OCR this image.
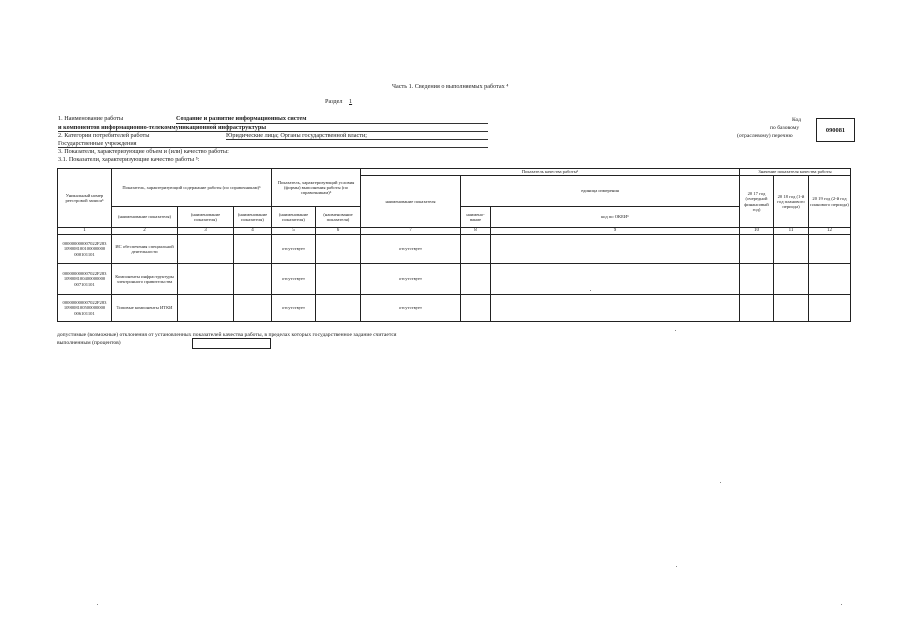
Часть 1. Сведения о выполняемых работах ⁴
Раздел 1
1. Наименование работы	Создание и развитие информационных систем
и компонентов информационно-телекоммуникационной инфраструктуры
2. Категории потребителей работы	Юридические лица; Органы государственной власти;
Государственные учреждения
3. Показатели, характеризующие объем и (или) качество работы:
3.1. Показатели, характеризующие качество работы ⁵:
Код
по базовому
(отраслевому) перечню
090081
Уникальный номер реестровой записи⁶	Показатель, характеризующий содержание работы (по справочникам)⁶			Показатель, характеризующий условия (формы) выполнения работы (по справочникам)⁶		Показатель качества работы⁶			Значение показателя качества работы		
						наименование показателя	единица измерения		20 17 год (очередной финансовый год)	20 18 год (1-й год планового периода)	20 19 год (2-й год планового периода)
	(наименование показателя)	(наименование показателя)	(наименование показателя)	(наименование показателя)	(наименование показателя)		наимено-вание	код по ОКЕИ⁶			
1	2	3	4	5	6	7	8	9	10	11	12
000000000007022F283 109008100100000000 000101101	ИС обеспечения специальной деятельности			отсутствует		отсутствует					
000000000007022F283 109008100400000000 007101101	Компоненты инфраструктуры электронного правительства			отсутствует		отсутствует					
000000000007022F283 109008100500000000 006101101	Типовые компоненты ИТКИ			отсутствует		отсутствует					
допустимые (возможные) отклонения от установленных показателей качества работы, в пределах которых государственное задание считается
выполненным (процентов)
